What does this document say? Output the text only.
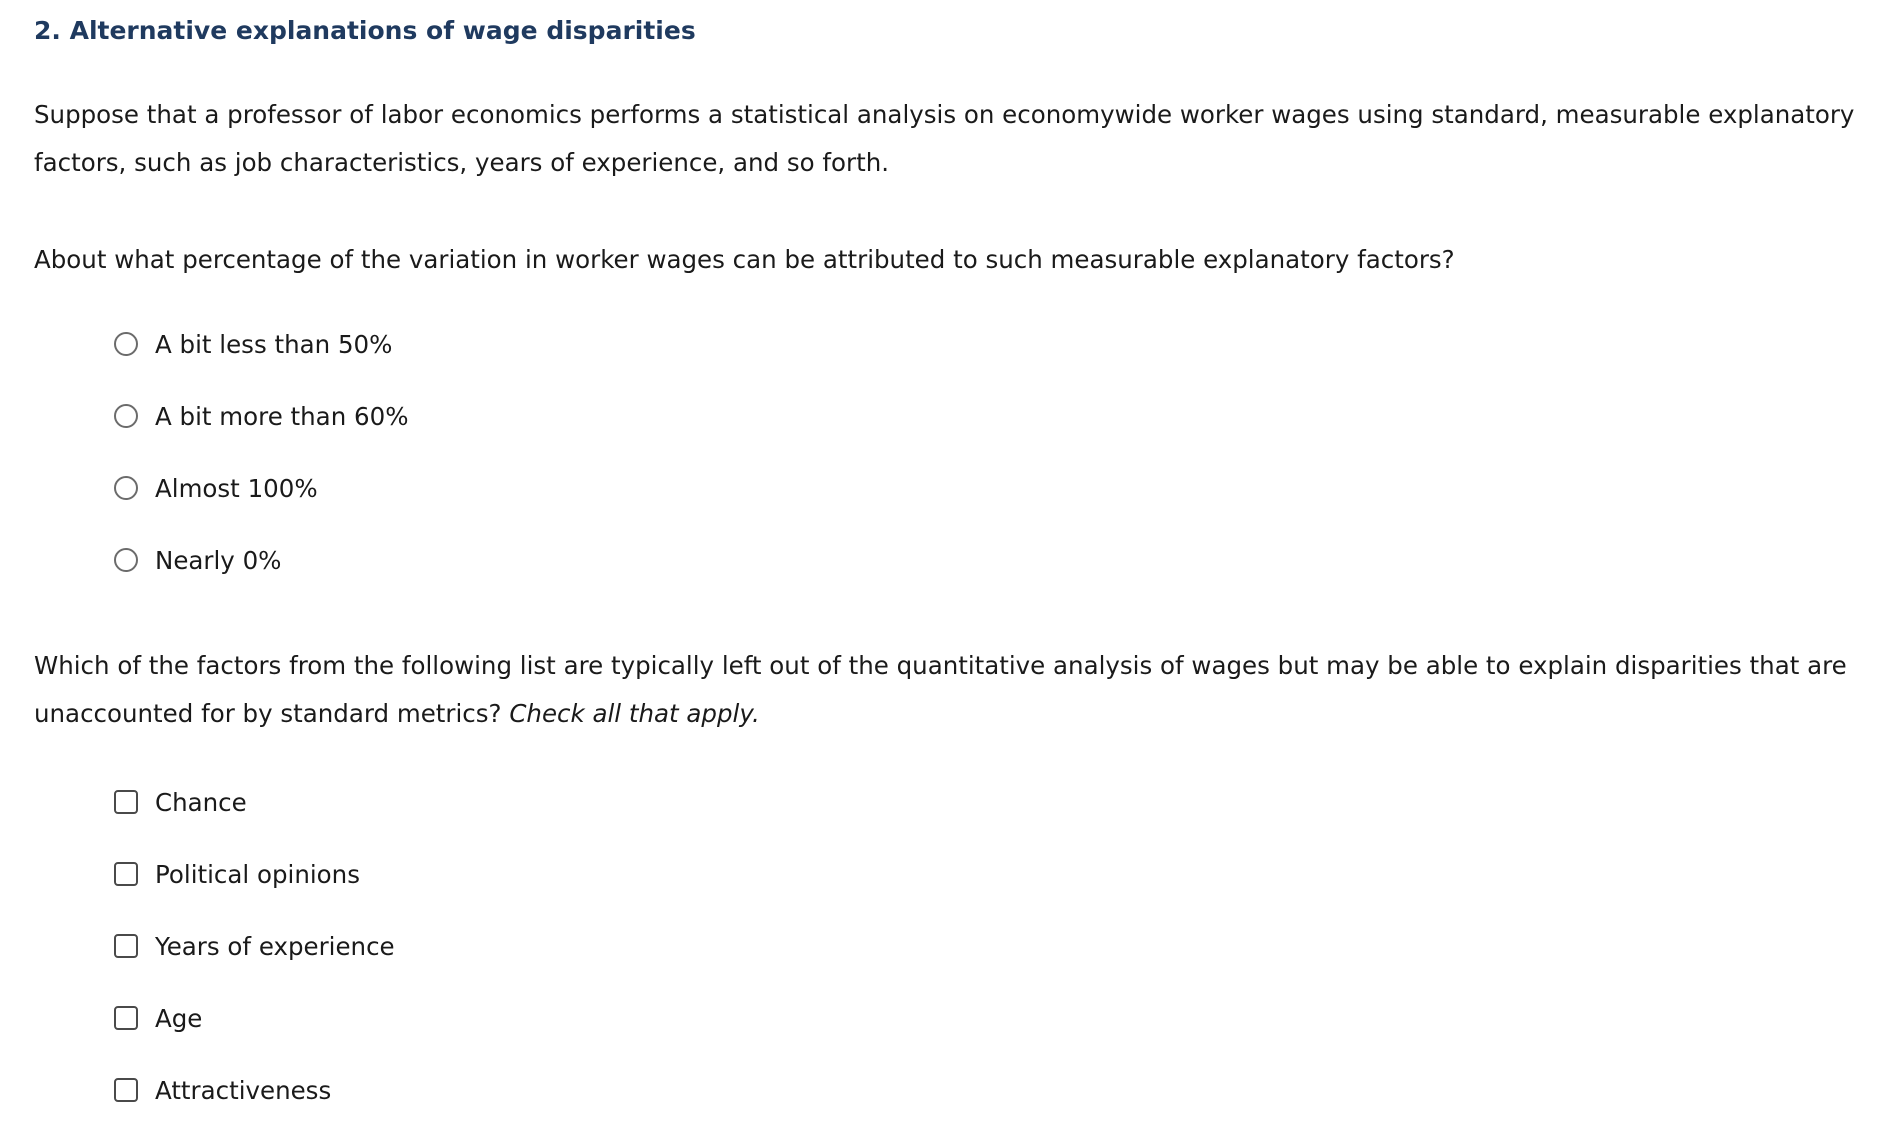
2. Alternative explanations of wage disparities

Suppose that a professor of labor economics performs a statistical analysis on economywide worker wages using standard, measurable explanatory factors, such as job characteristics, years of experience, and so forth.

About what percentage of the variation in worker wages can be attributed to such measurable explanatory factors?

A bit less than 50%
A bit more than 60%
Almost 100%
Nearly 0%

Which of the factors from the following list are typically left out of the quantitative analysis of wages but may be able to explain disparities that are unaccounted for by standard metrics? Check all that apply.

Chance
Political opinions
Years of experience
Age
Attractiveness
